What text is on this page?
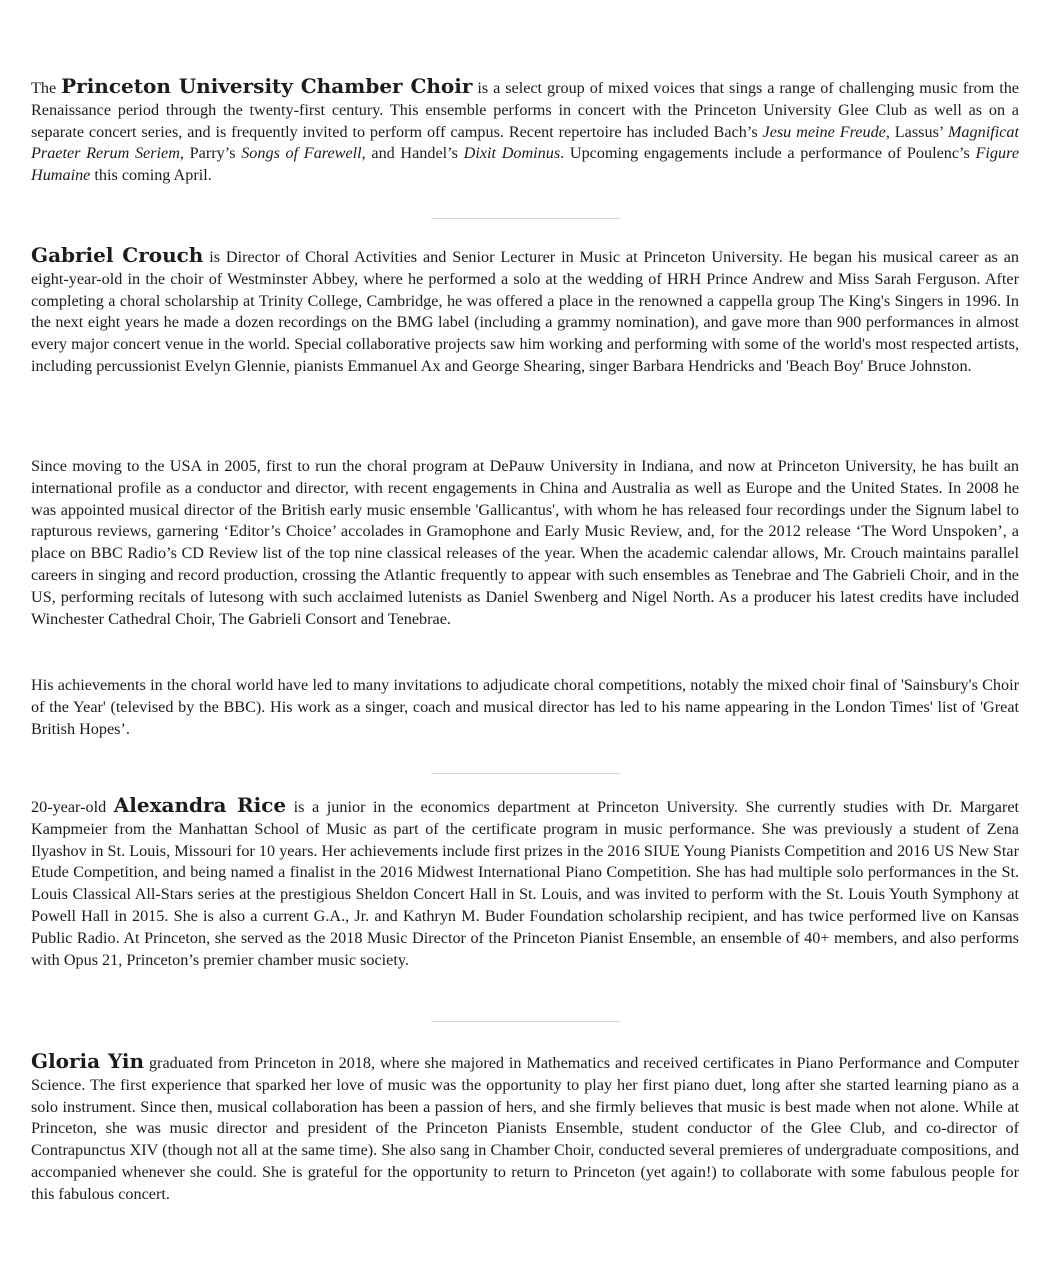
The Princeton University Chamber Choir is a select group of mixed voices that sings a range of challenging music from the Renaissance period through the twenty-first century. This ensemble performs in concert with the Princeton University Glee Club as well as on a separate concert series, and is frequently invited to perform off campus. Recent repertoire has included Bach’s Jesu meine Freude, Lassus’ Magnificat Praeter Rerum Seriem, Parry’s Songs of Farewell, and Handel’s Dixit Dominus. Upcoming engagements include a performance of Poulenc’s Figure Humaine this coming April.

Gabriel Crouch is Director of Choral Activities and Senior Lecturer in Music at Princeton University. He began his musical career as an eight-year-old in the choir of Westminster Abbey, where he performed a solo at the wedding of HRH Prince Andrew and Miss Sarah Ferguson. After completing a choral scholarship at Trinity College, Cambridge, he was offered a place in the renowned a cappella group The King's Singers in 1996. In the next eight years he made a dozen recordings on the BMG label (including a grammy nomination), and gave more than 900 performances in almost every major concert venue in the world. Special collaborative projects saw him working and performing with some of the world's most respected artists, including percussionist Evelyn Glennie, pianists Emmanuel Ax and George Shearing, singer Barbara Hendricks and 'Beach Boy' Bruce Johnston.

Since moving to the USA in 2005, first to run the choral program at DePauw University in Indiana, and now at Princeton University, he has built an international profile as a conductor and director, with recent engagements in China and Australia as well as Europe and the United States. In 2008 he was appointed musical director of the British early music ensemble 'Gallicantus', with whom he has released four recordings under the Signum label to rapturous reviews, garnering ‘Editor’s Choice’ accolades in Gramophone and Early Music Review, and, for the 2012 release ‘The Word Unspoken’, a place on BBC Radio’s CD Review list of the top nine classical releases of the year. When the academic calendar allows, Mr. Crouch maintains parallel careers in singing and record production, crossing the Atlantic frequently to appear with such ensembles as Tenebrae and The Gabrieli Choir, and in the US, performing recitals of lutesong with such acclaimed lutenists as Daniel Swenberg and Nigel North. As a producer his latest credits have included Winchester Cathedral Choir, The Gabrieli Consort and Tenebrae.

His achievements in the choral world have led to many invitations to adjudicate choral competitions, notably the mixed choir final of 'Sainsbury's Choir of the Year' (televised by the BBC). His work as a singer, coach and musical director has led to his name appearing in the London Times' list of 'Great British Hopes’.

20-year-old Alexandra Rice is a junior in the economics department at Princeton University. She currently studies with Dr. Margaret Kampmeier from the Manhattan School of Music as part of the certificate program in music performance. She was previously a student of Zena Ilyashov in St. Louis, Missouri for 10 years. Her achievements include first prizes in the 2016 SIUE Young Pianists Competition and 2016 US New Star Etude Competition, and being named a finalist in the 2016 Midwest International Piano Competition. She has had multiple solo performances in the St. Louis Classical All-Stars series at the prestigious Sheldon Concert Hall in St. Louis, and was invited to perform with the St. Louis Youth Symphony at Powell Hall in 2015. She is also a current G.A., Jr. and Kathryn M. Buder Foundation scholarship recipient, and has twice performed live on Kansas Public Radio. At Princeton, she served as the 2018 Music Director of the Princeton Pianist Ensemble, an ensemble of 40+ members, and also performs with Opus 21, Princeton’s premier chamber music society.

Gloria Yin graduated from Princeton in 2018, where she majored in Mathematics and received certificates in Piano Performance and Computer Science. The first experience that sparked her love of music was the opportunity to play her first piano duet, long after she started learning piano as a solo instrument. Since then, musical collaboration has been a passion of hers, and she firmly believes that music is best made when not alone. While at Princeton, she was music director and president of the Princeton Pianists Ensemble, student conductor of the Glee Club, and co-director of Contrapunctus XIV (though not all at the same time). She also sang in Chamber Choir, conducted several premieres of undergraduate compositions, and accompanied whenever she could. She is grateful for the opportunity to return to Princeton (yet again!) to collaborate with some fabulous people for this fabulous concert.
